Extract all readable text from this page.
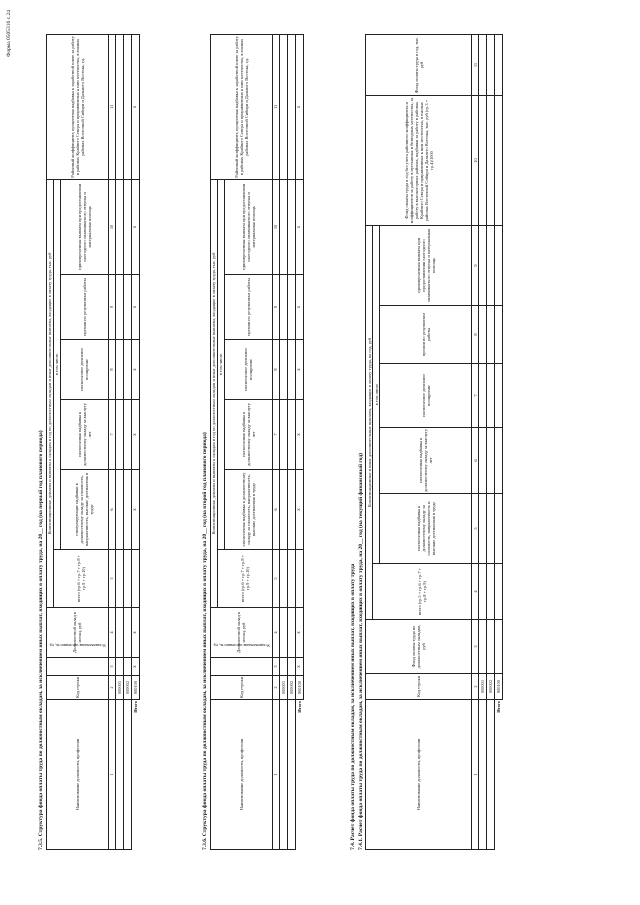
Форма 0505316 с.24
7.3.5. Структура фонда оплаты труда по должностным окладам, за исключением иных выплат, входящих в оплату труда, на 20__ год (на первый год планового периода)	Наименование должности, профессии	Код строки	Установленная численность, ед.	Должностной оклад в месяц, руб	Компенсационные доплаты и выплаты к окладам в год по должностным окладам и иные дополнительные выплаты, входящие в оплату труда, тыс. руб						Районный коэффициент, процентная надбавка к заработной плате за работу в районах Крайнего Севера и приравненных к ним местностях, в южных районах Восточной Сибири и Дальнего Востока, ед.
				всего (гр.6 + гр.7 + гр.8 + гр.9 + гр.10)	в том числе					
					стимулирующие надбавки к должностному окладу за сложность, напряженность, высокие достижения в труде	ежемесячная надбавка к должностному окладу за выслугу лет	ежемесячное денежное поощрение	премии по результатам работы	единовременная выплата при предоставлении ежегодного оплачиваемого отпуска и материальная помощь	
1	2	3	4	5	6	7	8	9	10	11
	000001									
	000002									
Итого	900100	x	x		x	x	x	x	x	x
7.3.6. Структура фонда оплаты труда по должностным окладам, за исключением иных выплат, входящих в оплату труда, на 20__ год (на второй год планового периода)	Наименование должности, профессии	Код строки	Установленная численность, ед.	Должностной оклад в месяц, руб	Компенсационные доплаты и выплаты к окладам в год по должностным окладам и иные дополнительные выплаты, входящие в оплату труда, тыс. руб						Районный коэффициент, процентная надбавка к заработной плате за работу в районах Крайнего Севера и приравненных к ним местностях, в южных районах Восточной Сибири и Дальнего Востока, ед.
				всего (гр.6 + гр.7 + гр.8 + гр.9 + гр.10)	в том числе					
					ежемесячная надбавка к должностному окладу за сложность, напряженность, высокие достижения в труде	ежемесячная надбавка к должностному окладу за выслугу лет	ежемесячное денежное поощрение	премии по результатам работы	единовременная выплата при предоставлении ежегодного оплачиваемого отпуска и материальная помощь	
1	2	3	4	5	6	7	8	9	10	11
	000001									
	000002									
Итого	900100	x	x		x	x	x	x	x	x
7.4. Расчет фонда оплаты труда по должностным окладам, за исключением иных выплат, входящих в оплату труда 7.4.1. Расчет фонда оплаты труда по должностным окладам, за исключением иных выплат, входящих в оплату труда, на 20__ год (на текущий финансовый год)	Наименование должности, профессии	Код строки	Фонд оплаты труда по должностным окладам, руб	Компенсационные и иные дополнительные выплаты, входящие в оплату труда, на год, руб						Фонд оплаты труда в год без учета районного коэффициента и коэффициентов за работу в пустынных и безводных местностях, за работу в высокогорных районах, надбавки за работу в районах Крайнего Севера и приравненных к ним местностях, в южных районах Восточной Сибири и Дальнего Востока, тыс. руб (гр.3 + гр.4)/1000	Фонд оплаты труда в год, тыс. руб
			всего (гр.5 + гр.6 + гр.7 + гр.8 + гр.9)	в том числе						
				ежемесячная надбавка к должностному окладу за сложность, напряженность и высокие достижения в труде	ежемесячная надбавка к должностному окладу за выслугу лет	ежемесячное денежное поощрение	премии по результатам работы	единовременная выплата при предоставлении ежегодного оплачиваемого отпуска и материальная помощь		
1	2	3	4	5	6	7	8	9	10	11
	000001									
	000002									
Итого	900100									
